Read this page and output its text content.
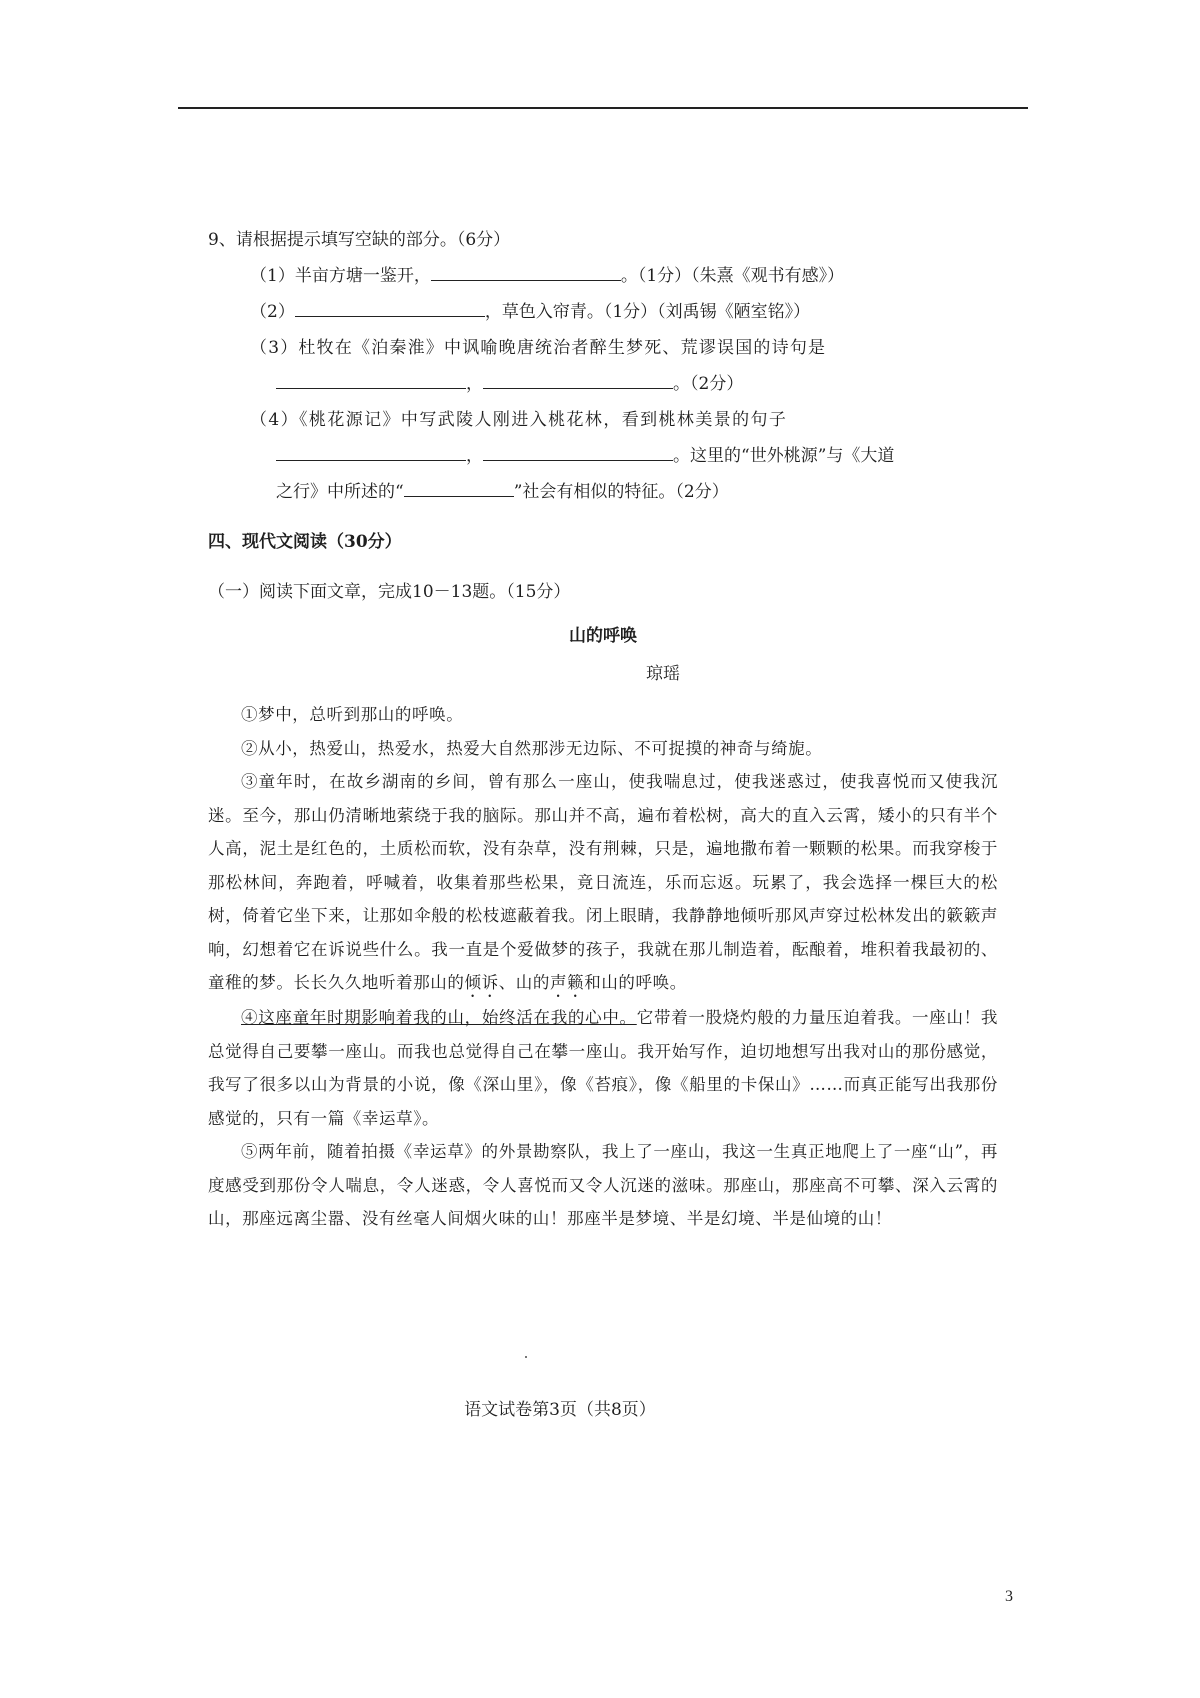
9、请根据提示填写空缺的部分。（6分）
（1）半亩方塘一鉴开，	。（1分）（朱熹《观书有感》）
（2）	，草色入帘青。（1分）（刘禹锡《陋室铭》）
（3）杜牧在《泊秦淮》中讽喻晚唐统治者醉生梦死、荒谬误国的诗句是
，	。（2分）
（4）《桃花源记》中写武陵人刚进入桃花林，看到桃林美景的句子
，	。这里的“世外桃源”与《大道
之行》中所述的“	”社会有相似的特征。（2分）
四、现代文阅读（30分）
（一）阅读下面文章，完成10－13题。（15分）
山的呼唤
琼瑶

①梦中，总听到那山的呼唤。

②从小，热爱山，热爱水，热爱大自然那涉无边际、不可捉摸的神奇与绮旎。

③童年时，在故乡湖南的乡间，曾有那么一座山，使我喘息过，使我迷惑过，使我喜悦而又使我沉迷。至今，那山仍清晰地萦绕于我的脑际。那山并不高，遍布着松树，高大的直入云霄，矮小的只有半个人高，泥土是红色的，土质松而软，没有杂草，没有荆棘，只是，遍地撒布着一颗颗的松果。而我穿梭于那松林间，奔跑着，呼喊着，收集着那些松果，竟日流连，乐而忘返。玩累了，我会选择一棵巨大的松树，倚着它坐下来，让那如伞般的松枝遮蔽着我。闭上眼睛，我静静地倾听那风声穿过松林发出的簌簌声响，幻想着它在诉说些什么。我一直是个爱做梦的孩子，我就在那儿制造着，酝酿着，堆积着我最初的、童稚的梦。长长久久地听着那山的倾诉、山的声籁和山的呼唤。

④这座童年时期影响着我的山，始终活在我的心中。它带着一股烧灼般的力量压迫着我。一座山！我总觉得自己要攀一座山。而我也总觉得自己在攀一座山。我开始写作，迫切地想写出我对山的那份感觉，我写了很多以山为背景的小说，像《深山里》，像《苔痕》，像《船里的卡保山》……而真正能写出我那份感觉的，只有一篇《幸运草》。

⑤两年前，随着拍摄《幸运草》的外景勘察队，我上了一座山，我这一生真正地爬上了一座“山”，再度感受到那份令人喘息，令人迷惑，令人喜悦而又令人沉迷的滋味。那座山，那座高不可攀、深入云霄的山，那座远离尘嚣、没有丝毫人间烟火味的山！那座半是梦境、半是幻境、半是仙境的山！

语文试卷第3页（共8页）
3
